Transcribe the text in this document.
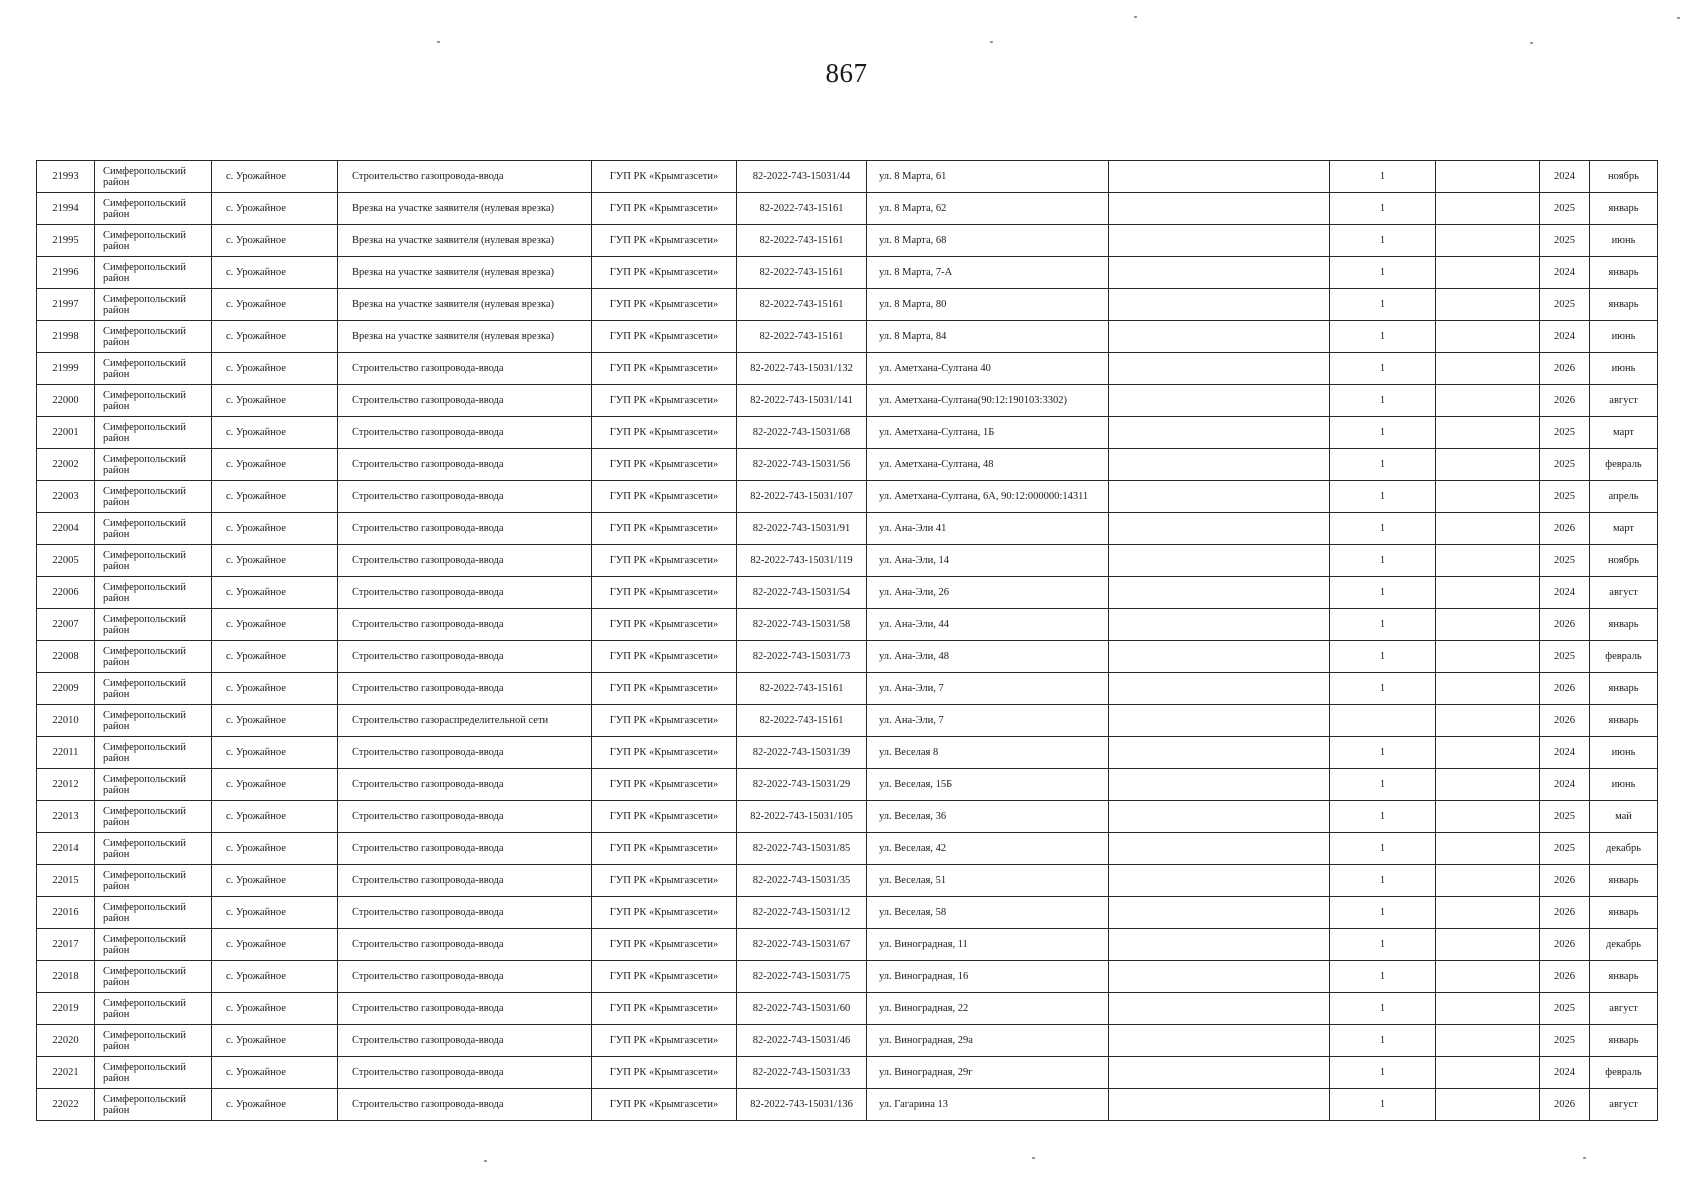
867
21993	Симферопольский район	с. Урожайное	Строительство газопровода-ввода	ГУП РК «Крымгазсети»	82-2022-743-15031/44	ул. 8 Марта, 61		1		2024	ноябрь
21994	Симферопольский район	с. Урожайное	Врезка на участке заявителя (нулевая врезка)	ГУП РК «Крымгазсети»	82-2022-743-15161	ул. 8 Марта, 62		1		2025	январь
21995	Симферопольский район	с. Урожайное	Врезка на участке заявителя (нулевая врезка)	ГУП РК «Крымгазсети»	82-2022-743-15161	ул. 8 Марта, 68		1		2025	июнь
21996	Симферопольский район	с. Урожайное	Врезка на участке заявителя (нулевая врезка)	ГУП РК «Крымгазсети»	82-2022-743-15161	ул. 8 Марта, 7-А		1		2024	январь
21997	Симферопольский район	с. Урожайное	Врезка на участке заявителя (нулевая врезка)	ГУП РК «Крымгазсети»	82-2022-743-15161	ул. 8 Марта, 80		1		2025	январь
21998	Симферопольский район	с. Урожайное	Врезка на участке заявителя (нулевая врезка)	ГУП РК «Крымгазсети»	82-2022-743-15161	ул. 8 Марта, 84		1		2024	июнь
21999	Симферопольский район	с. Урожайное	Строительство газопровода-ввода	ГУП РК «Крымгазсети»	82-2022-743-15031/132	ул. Аметхана-Султана 40		1		2026	июнь
22000	Симферопольский район	с. Урожайное	Строительство газопровода-ввода	ГУП РК «Крымгазсети»	82-2022-743-15031/141	ул. Аметхана-Султана(90:12:190103:3302)		1		2026	август
22001	Симферопольский район	с. Урожайное	Строительство газопровода-ввода	ГУП РК «Крымгазсети»	82-2022-743-15031/68	ул. Аметхана-Султана, 1Б		1		2025	март
22002	Симферопольский район	с. Урожайное	Строительство газопровода-ввода	ГУП РК «Крымгазсети»	82-2022-743-15031/56	ул. Аметхана-Султана, 48		1		2025	февраль
22003	Симферопольский район	с. Урожайное	Строительство газопровода-ввода	ГУП РК «Крымгазсети»	82-2022-743-15031/107	ул. Аметхана-Султана, 6А, 90:12:000000:14311		1		2025	апрель
22004	Симферопольский район	с. Урожайное	Строительство газопровода-ввода	ГУП РК «Крымгазсети»	82-2022-743-15031/91	ул. Ана-Эли 41		1		2026	март
22005	Симферопольский район	с. Урожайное	Строительство газопровода-ввода	ГУП РК «Крымгазсети»	82-2022-743-15031/119	ул. Ана-Эли, 14		1		2025	ноябрь
22006	Симферопольский район	с. Урожайное	Строительство газопровода-ввода	ГУП РК «Крымгазсети»	82-2022-743-15031/54	ул. Ана-Эли, 26		1		2024	август
22007	Симферопольский район	с. Урожайное	Строительство газопровода-ввода	ГУП РК «Крымгазсети»	82-2022-743-15031/58	ул. Ана-Эли, 44		1		2026	январь
22008	Симферопольский район	с. Урожайное	Строительство газопровода-ввода	ГУП РК «Крымгазсети»	82-2022-743-15031/73	ул. Ана-Эли, 48		1		2025	февраль
22009	Симферопольский район	с. Урожайное	Строительство газопровода-ввода	ГУП РК «Крымгазсети»	82-2022-743-15161	ул. Ана-Эли, 7		1		2026	январь
22010	Симферопольский район	с. Урожайное	Строительство газораспределительной сети	ГУП РК «Крымгазсети»	82-2022-743-15161	ул. Ана-Эли, 7				2026	январь
22011	Симферопольский район	с. Урожайное	Строительство газопровода-ввода	ГУП РК «Крымгазсети»	82-2022-743-15031/39	ул. Веселая 8		1		2024	июнь
22012	Симферопольский район	с. Урожайное	Строительство газопровода-ввода	ГУП РК «Крымгазсети»	82-2022-743-15031/29	ул. Веселая, 15Б		1		2024	июнь
22013	Симферопольский район	с. Урожайное	Строительство газопровода-ввода	ГУП РК «Крымгазсети»	82-2022-743-15031/105	ул. Веселая, 36		1		2025	май
22014	Симферопольский район	с. Урожайное	Строительство газопровода-ввода	ГУП РК «Крымгазсети»	82-2022-743-15031/85	ул. Веселая, 42		1		2025	декабрь
22015	Симферопольский район	с. Урожайное	Строительство газопровода-ввода	ГУП РК «Крымгазсети»	82-2022-743-15031/35	ул. Веселая, 51		1		2026	январь
22016	Симферопольский район	с. Урожайное	Строительство газопровода-ввода	ГУП РК «Крымгазсети»	82-2022-743-15031/12	ул. Веселая, 58		1		2026	январь
22017	Симферопольский район	с. Урожайное	Строительство газопровода-ввода	ГУП РК «Крымгазсети»	82-2022-743-15031/67	ул. Виноградная, 11		1		2026	декабрь
22018	Симферопольский район	с. Урожайное	Строительство газопровода-ввода	ГУП РК «Крымгазсети»	82-2022-743-15031/75	ул. Виноградная, 16		1		2026	январь
22019	Симферопольский район	с. Урожайное	Строительство газопровода-ввода	ГУП РК «Крымгазсети»	82-2022-743-15031/60	ул. Виноградная, 22		1		2025	август
22020	Симферопольский район	с. Урожайное	Строительство газопровода-ввода	ГУП РК «Крымгазсети»	82-2022-743-15031/46	ул. Виноградная, 29а		1		2025	январь
22021	Симферопольский район	с. Урожайное	Строительство газопровода-ввода	ГУП РК «Крымгазсети»	82-2022-743-15031/33	ул. Виноградная, 29г		1		2024	февраль
22022	Симферопольский район	с. Урожайное	Строительство газопровода-ввода	ГУП РК «Крымгазсети»	82-2022-743-15031/136	ул. Гагарина 13		1		2026	август
